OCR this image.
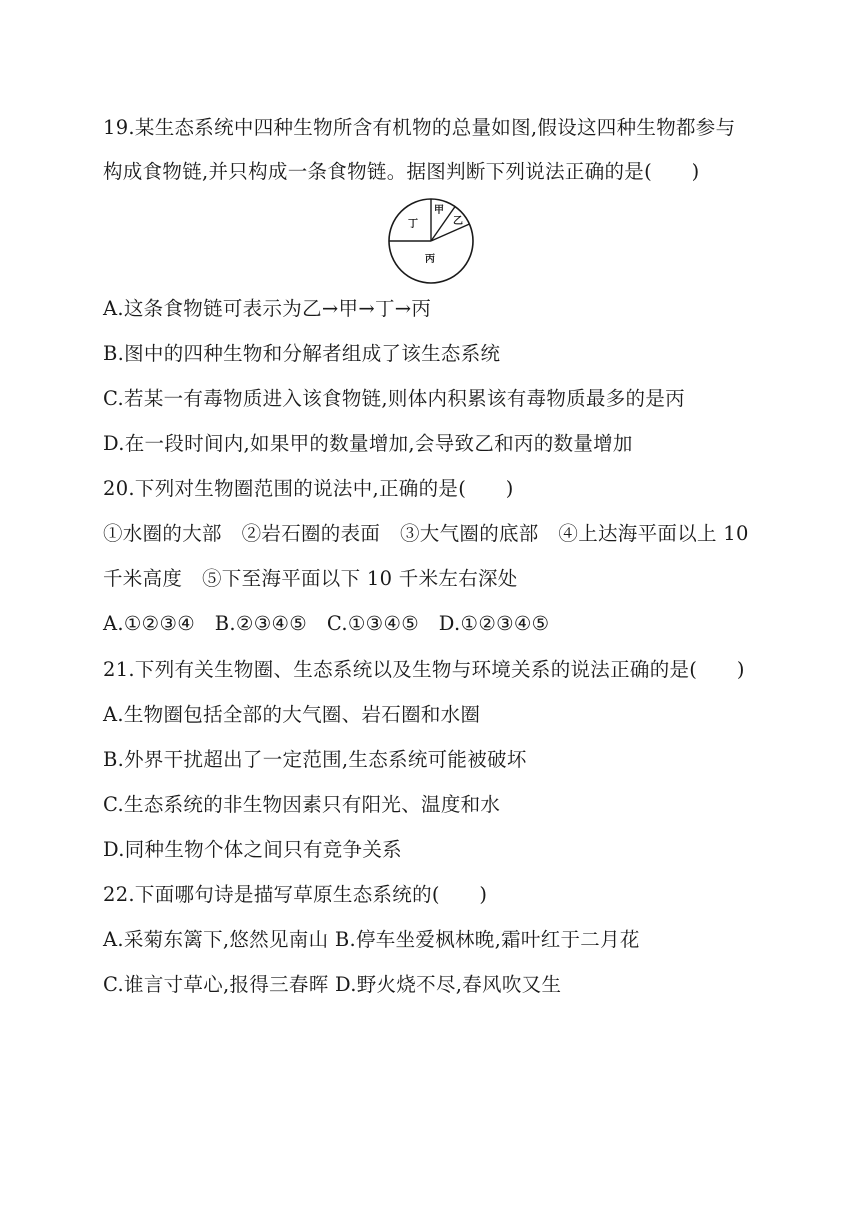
19.某生态系统中四种生物所含有机物的总量如图,假设这四种生物都参与
构成食物链,并只构成一条食物链。据图判断下列说法正确的是(　　)
丁
甲
乙
丙
A.这条食物链可表示为乙→甲→丁→丙
B.图中的四种生物和分解者组成了该生态系统
C.若某一有毒物质进入该食物链,则体内积累该有毒物质最多的是丙
D.在一段时间内,如果甲的数量增加,会导致乙和丙的数量增加
20.下列对生物圈范围的说法中,正确的是(　　)
①水圈的大部　②岩石圈的表面　③大气圈的底部　④上达海平面以上 10
千米高度　⑤下至海平面以下 10 千米左右深处
A.①②③④　B.②③④⑤　C.①③④⑤　D.①②③④⑤
21.下列有关生物圈、生态系统以及生物与环境关系的说法正确的是(　　)
A.生物圈包括全部的大气圈、岩石圈和水圈
B.外界干扰超出了一定范围,生态系统可能被破坏
C.生态系统的非生物因素只有阳光、温度和水
D.同种生物个体之间只有竞争关系
22.下面哪句诗是描写草原生态系统的(　　)
A.采菊东篱下,悠然见南山 B.停车坐爱枫林晚,霜叶红于二月花
C.谁言寸草心,报得三春晖 D.野火烧不尽,春风吹又生
